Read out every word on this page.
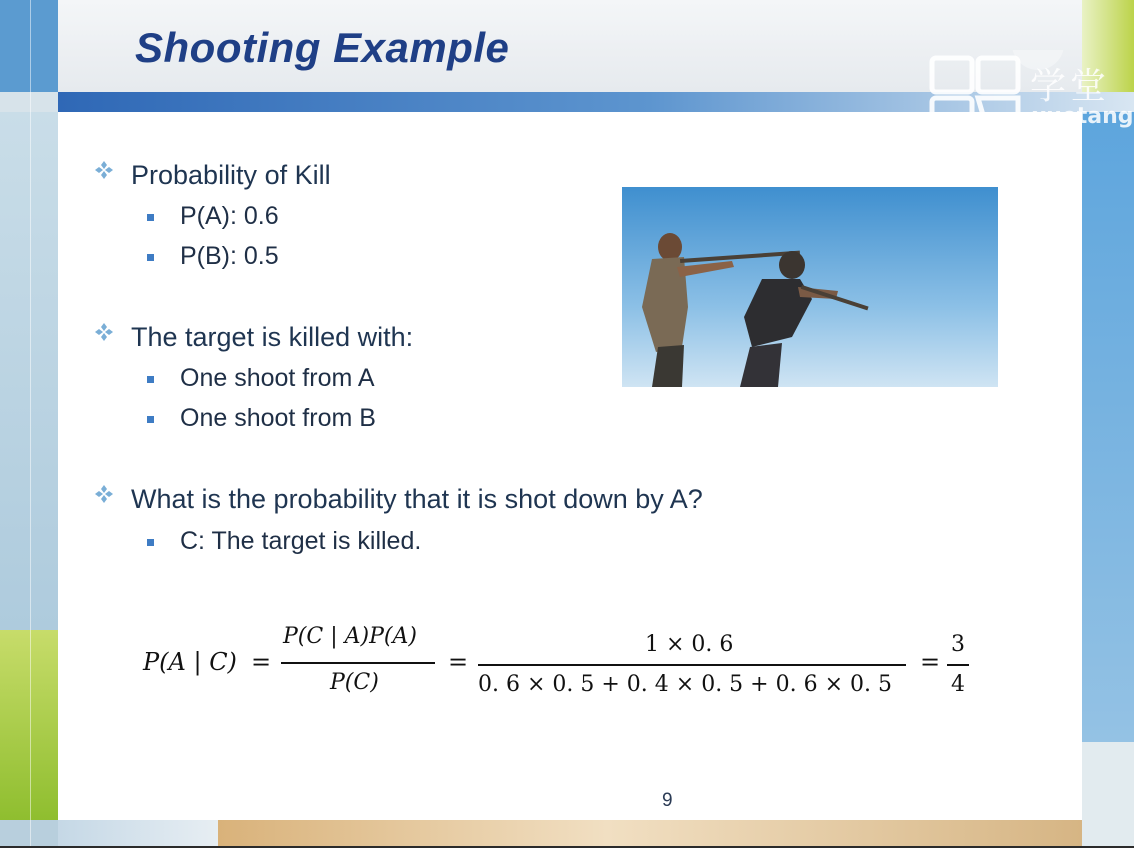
Shooting Example
学堂
xuetang
Probability of Kill
P(A): 0.6
P(B): 0.5
The target is killed with:
One shoot from A
One shoot from B
What is the probability that it is shot down by A?
C: The target is killed.
P(A | C) =
P(C | A)P(A)
P(C)
=
1 × 0. 6
0. 6 × 0. 5 + 0. 4 × 0. 5 + 0. 6 × 0. 5
=
3
4
9
